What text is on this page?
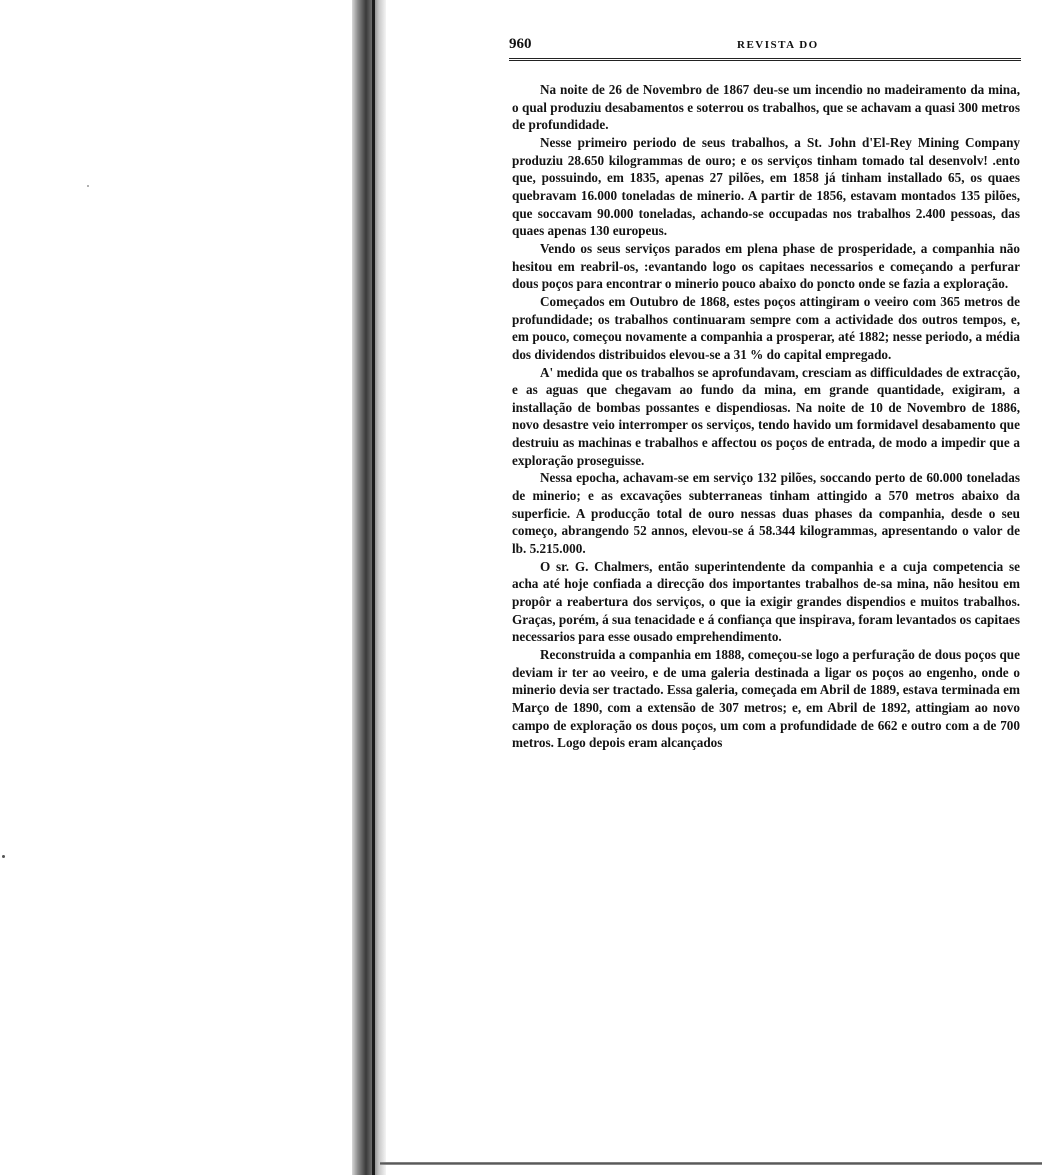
960	REVISTA DO

Na noite de 26 de Novembro de 1867 deu-se um incendio no madeiramento da mina, o qual produziu desabamentos e soterrou os trabalhos, que se achavam a quasi 300 metros de profundidade.

Nesse primeiro periodo de seus trabalhos, a St. John d'El-Rey Mining Company produziu 28.650 kilogrammas de ouro; e os serviços tinham tomado tal desenvolv! .ento que, possuindo, em 1835, apenas 27 pilões, em 1858 já tinham installado 65, os quaes quebravam 16.000 toneladas de minerio. A partir de 1856, estavam montados 135 pilões, que soccavam 90.000 toneladas, achando-se occupadas nos trabalhos 2.400 pessoas, das quaes apenas 130 europeus.

Vendo os seus serviços parados em plena phase de prosperidade, a companhia não hesitou em reabril-os, :evantando logo os capitaes necessarios e começando a perfurar dous poços para encontrar o minerio pouco abaixo do poncto onde se fazia a exploração.

Começados em Outubro de 1868, estes poços attingiram o veeiro com 365 metros de profundidade; os trabalhos continuaram sempre com a actividade dos outros tempos, e, em pouco, começou novamente a companhia a prosperar, até 1882; nesse periodo, a média dos dividendos distribuidos elevou-se a 31 % do capital empregado.

A' medida que os trabalhos se aprofundavam, cresciam as difficuldades de extracção, e as aguas que chegavam ao fundo da mina, em grande quantidade, exigiram, a installação de bombas possantes e dispendiosas. Na noite de 10 de Novembro de 1886, novo desastre veio interromper os serviços, tendo havido um formidavel desabamento que destruiu as machinas e trabalhos e affectou os poços de entrada, de modo a impedir que a exploração proseguisse.

Nessa epocha, achavam-se em serviço 132 pilões, soccando perto de 60.000 toneladas de minerio; e as excavações subterraneas tinham attingido a 570 metros abaixo da superficie. A producção total de ouro nessas duas phases da companhia, desde o seu começo, abrangendo 52 annos, elevou-se á 58.344 kilogrammas, apresentando o valor de lb. 5.215.000.

O sr. G. Chalmers, então superintendente da companhia e a cuja competencia se acha até hoje confiada a direcção dos importantes trabalhos de-sa mina, não hesitou em propôr a reabertura dos serviços, o que ia exigir grandes dispendios e muitos trabalhos. Graças, porém, á sua tenacidade e á confiança que inspirava, foram levantados os capitaes necessarios para esse ousado emprehendimento.

Reconstruida a companhia em 1888, começou-se logo a perfuração de dous poços que deviam ir ter ao veeiro, e de uma galeria destinada a ligar os poços ao engenho, onde o minerio devia ser tractado. Essa galeria, começada em Abril de 1889, estava terminada em Março de 1890, com a extensão de 307 metros; e, em Abril de 1892, attingiam ao novo campo de exploração os dous poços, um com a profundidade de 662 e outro com a de 700 metros. Logo depois eram alcançados
